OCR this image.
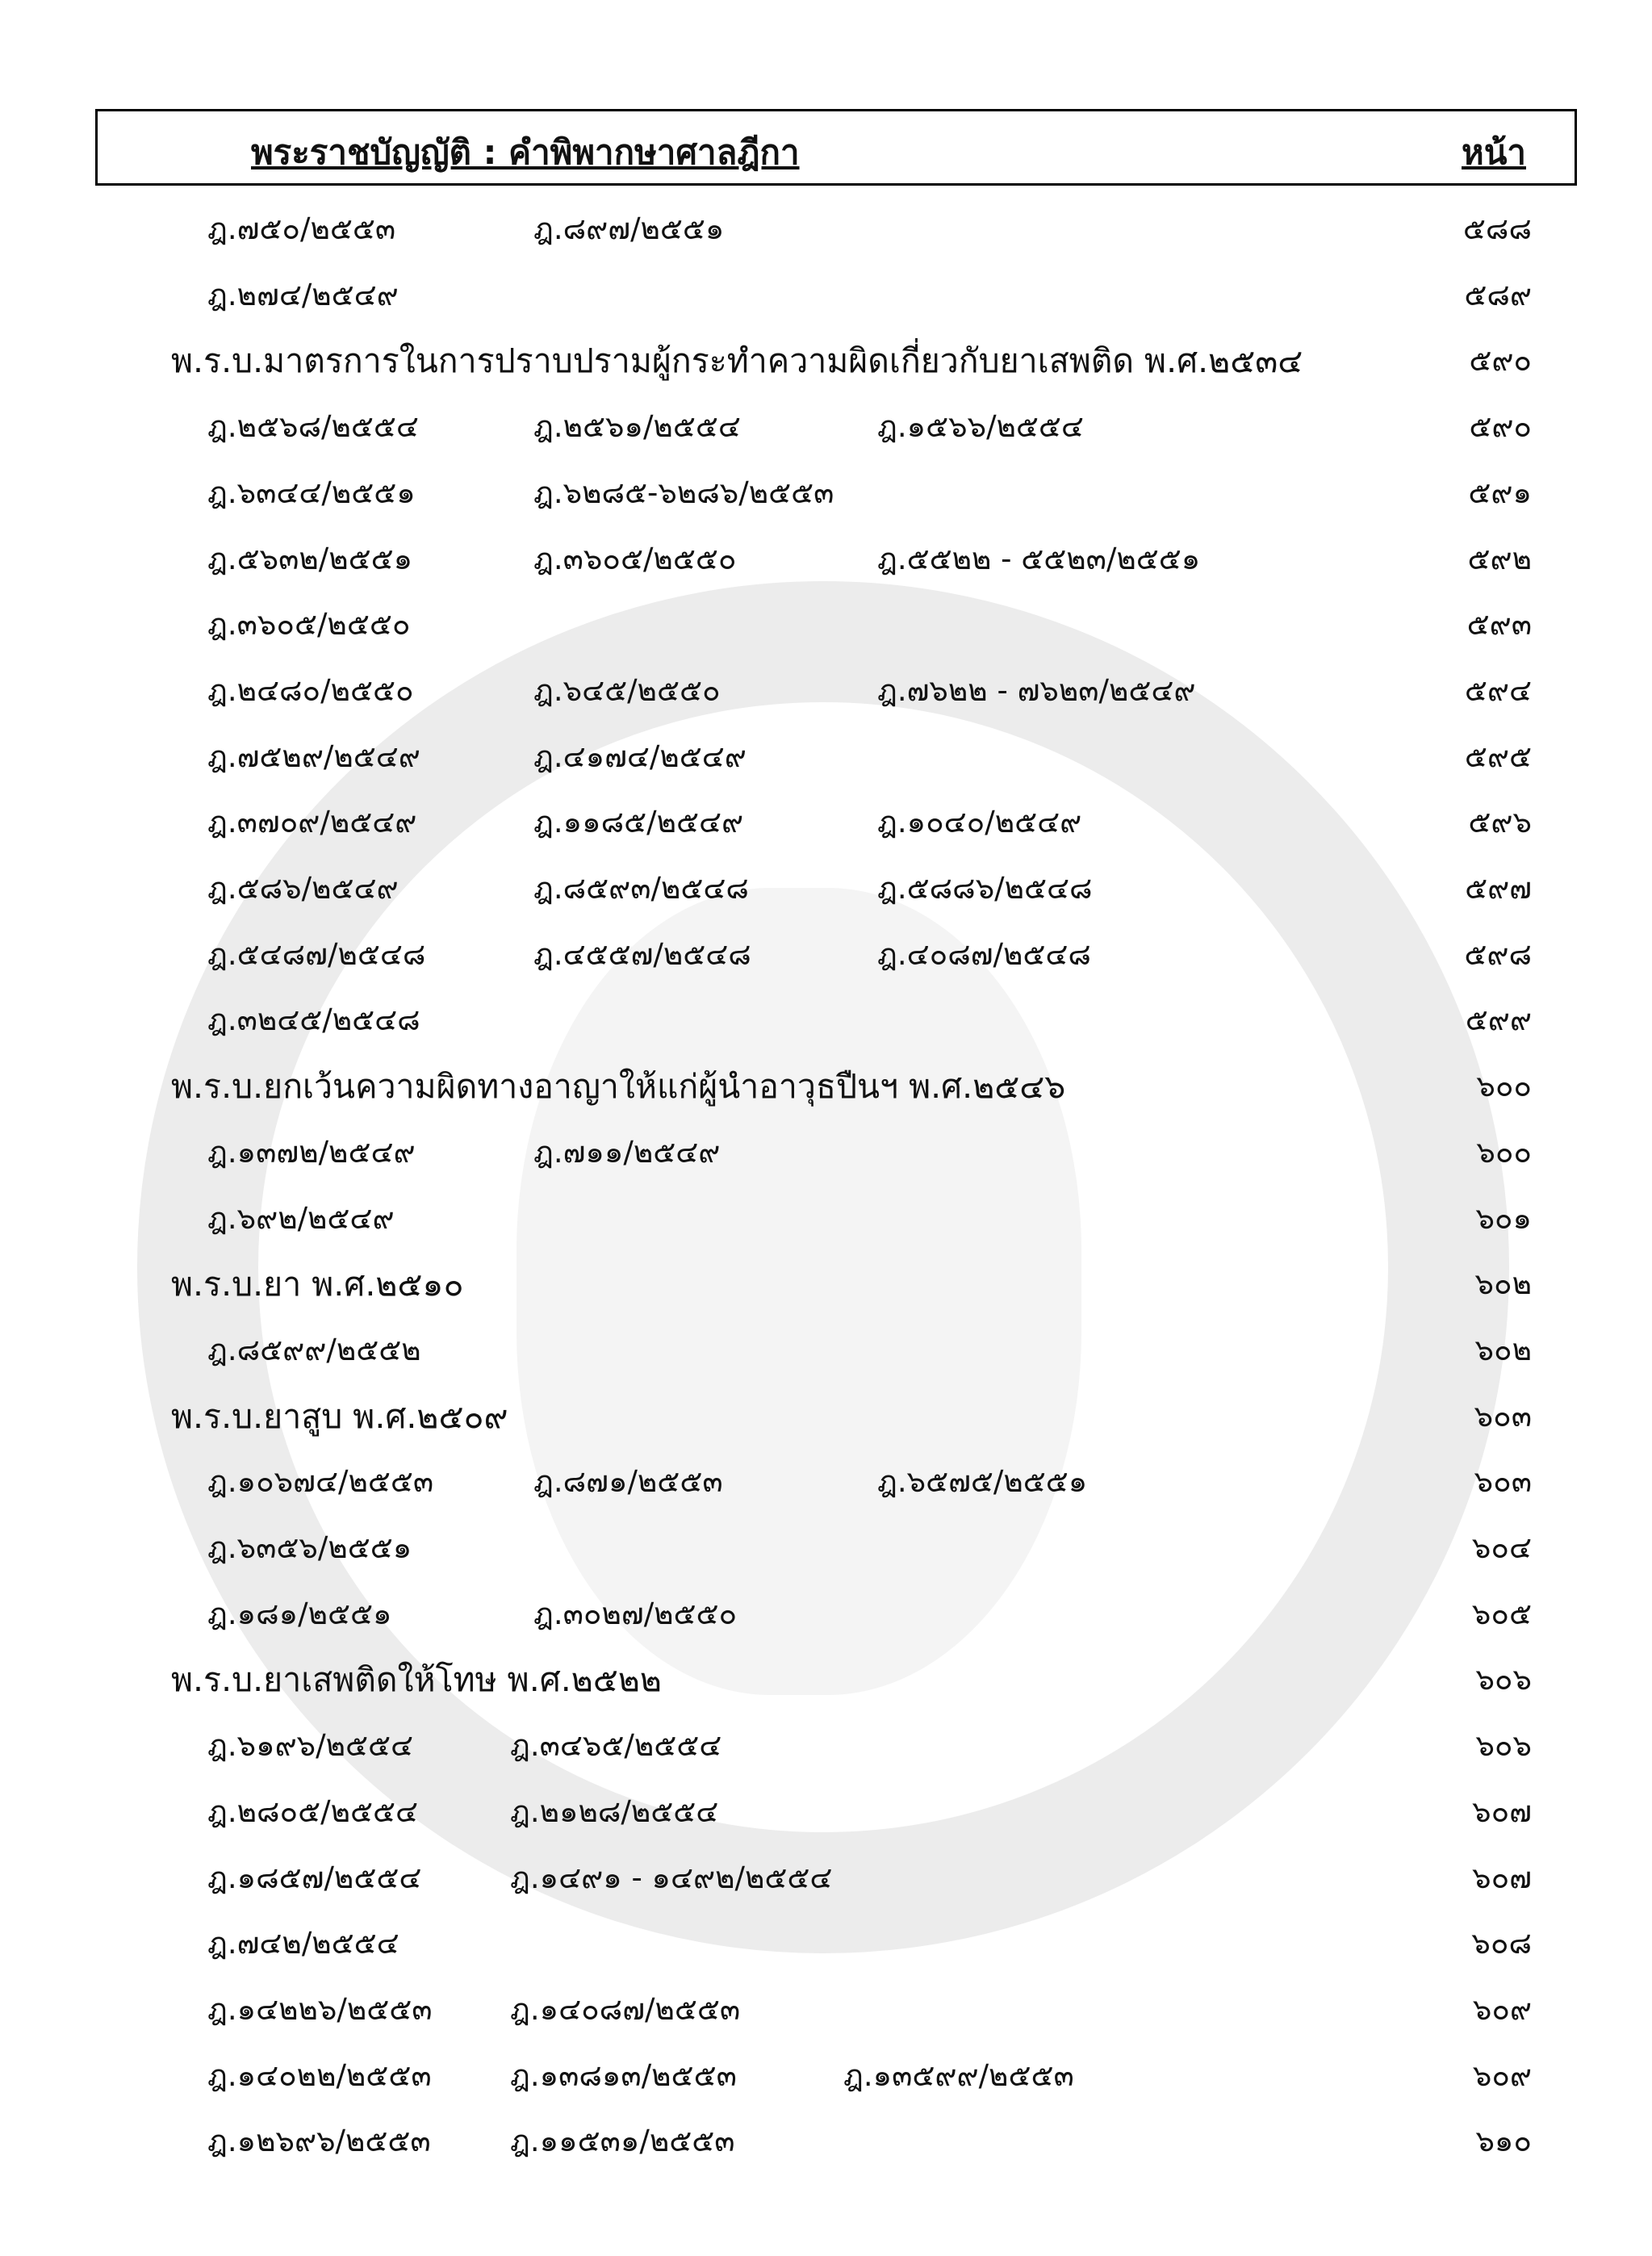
พระราชบัญญัติ : คำพิพากษาศาลฎีกา	หน้า
ฎ.๗๕๐/๒๕๕๓	ฎ.๘๙๗/๒๕๕๑	๕๘๘
ฎ.๒๗๔/๒๕๔๙	๕๘๙
พ.ร.บ.มาตรการในการปราบปรามผู้กระทำความผิดเกี่ยวกับยาเสพติด พ.ศ.๒๕๓๔	๕๙๐
ฎ.๒๕๖๘/๒๕๕๔	ฎ.๒๕๖๑/๒๕๕๔	ฎ.๑๕๖๖/๒๕๕๔	๕๙๐
ฎ.๖๓๔๔/๒๕๕๑	ฎ.๖๒๘๕-๖๒๘๖/๒๕๕๓	๕๙๑
ฎ.๕๖๓๒/๒๕๕๑	ฎ.๓๖๐๕/๒๕๕๐	ฎ.๕๕๒๒ - ๕๕๒๓/๒๕๕๑	๕๙๒
ฎ.๓๖๐๕/๒๕๕๐	๕๙๓
ฎ.๒๔๘๐/๒๕๕๐	ฎ.๖๔๕/๒๕๕๐	ฎ.๗๖๒๒ - ๗๖๒๓/๒๕๔๙	๕๙๔
ฎ.๗๕๒๙/๒๕๔๙	ฎ.๔๑๗๔/๒๕๔๙	๕๙๕
ฎ.๓๗๐๙/๒๕๔๙	ฎ.๑๑๘๕/๒๕๔๙	ฎ.๑๐๔๐/๒๕๔๙	๕๙๖
ฎ.๕๘๖/๒๕๔๙	ฎ.๘๕๙๓/๒๕๔๘	ฎ.๕๘๘๖/๒๕๔๘	๕๙๗
ฎ.๕๔๘๗/๒๕๔๘	ฎ.๔๕๕๗/๒๕๔๘	ฎ.๔๐๘๗/๒๕๔๘	๕๙๘
ฎ.๓๒๔๕/๒๕๔๘	๕๙๙
พ.ร.บ.ยกเว้นความผิดทางอาญาให้แก่ผู้นำอาวุธปืนฯ พ.ศ.๒๕๔๖	๖๐๐
ฎ.๑๓๗๒/๒๕๔๙	ฎ.๗๑๑/๒๕๔๙	๖๐๐
ฎ.๖๙๒/๒๕๔๙	๖๐๑
พ.ร.บ.ยา พ.ศ.๒๕๑๐	๖๐๒
ฎ.๘๕๙๙/๒๕๕๒	๖๐๒
พ.ร.บ.ยาสูบ พ.ศ.๒๕๐๙	๖๐๓
ฎ.๑๐๖๗๔/๒๕๕๓	ฎ.๘๗๑/๒๕๕๓	ฎ.๖๕๗๕/๒๕๕๑	๖๐๓
ฎ.๖๓๕๖/๒๕๕๑	๖๐๔
ฎ.๑๘๑/๒๕๕๑	ฎ.๓๐๒๗/๒๕๕๐	๖๐๕
พ.ร.บ.ยาเสพติดให้โทษ พ.ศ.๒๕๒๒	๖๐๖
ฎ.๖๑๙๖/๒๕๕๔	ฎ.๓๔๖๕/๒๕๕๔	๖๐๖
ฎ.๒๘๐๕/๒๕๕๔	ฎ.๒๑๒๘/๒๕๕๔	๖๐๗
ฎ.๑๘๕๗/๒๕๕๔	ฎ.๑๔๙๑ - ๑๔๙๒/๒๕๕๔	๖๐๗
ฎ.๗๔๒/๒๕๕๔	๖๐๘
ฎ.๑๔๒๒๖/๒๕๕๓	ฎ.๑๔๐๘๗/๒๕๕๓	๖๐๙
ฎ.๑๔๐๒๒/๒๕๕๓	ฎ.๑๓๘๑๓/๒๕๕๓	ฎ.๑๓๕๙๙/๒๕๕๓	๖๐๙
ฎ.๑๒๖๙๖/๒๕๕๓	ฎ.๑๑๕๓๑/๒๕๕๓	๖๑๐
